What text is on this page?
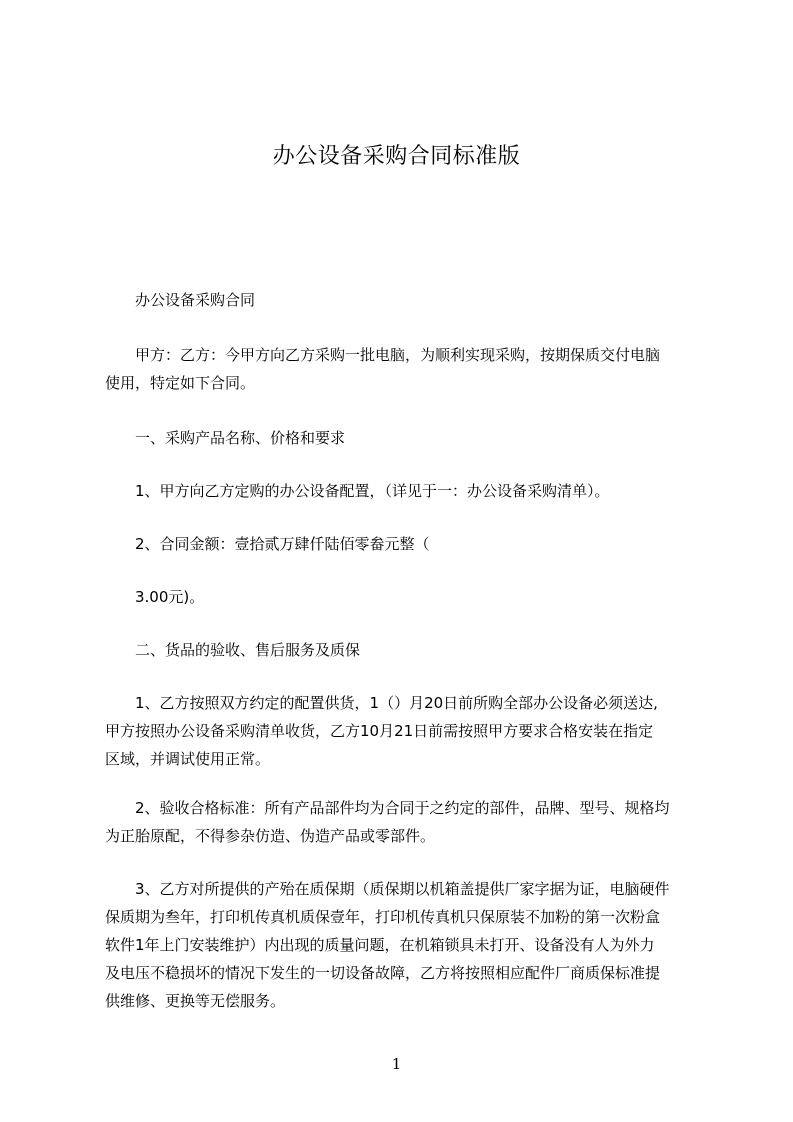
办公设备采购合同标准版

办公设备采购合同

甲方：乙方：今甲方向乙方采购一批电脑，为顺利实现采购，按期保质交付电脑
使用，特定如下合同。

一、采购产品名称、价格和要求

1、甲方向乙方定购的办公设备配置，（详见于一：办公设备采购清单）。

2、合同金额：壹拾贰万肆仟陆佰零畚元整（

3.00元)。

二、货品的验收、售后服务及质保

1、乙方按照双方约定的配置供货，1（）月20日前所购全部办公设备必须送达,
甲方按照办公设备采购清单收货，乙方10月21日前需按照甲方要求合格安装在指定
区域，并调试使用正常。

2、验收合格标准：所有产品部件均为合同于之约定的部件，品牌、型号、规格均
为正胎原配，不得参杂仿造、伪造产品或零部件。

3、乙方对所提供的产殆在质保期（质保期以机箱盖提供厂家字据为证，电脑硬件
保质期为叁年，打印机传真机质保壹年，打印机传真机只保原装不加粉的第一次粉盒
软件1年上门安装维护）内出现的质量问题，在机箱锁具未打开、设备没有人为外力
及电压不稳损坏的情况下发生的一切设备故障，乙方将按照相应配件厂商质保标准提
供维修、更换等无偿服务。

1
